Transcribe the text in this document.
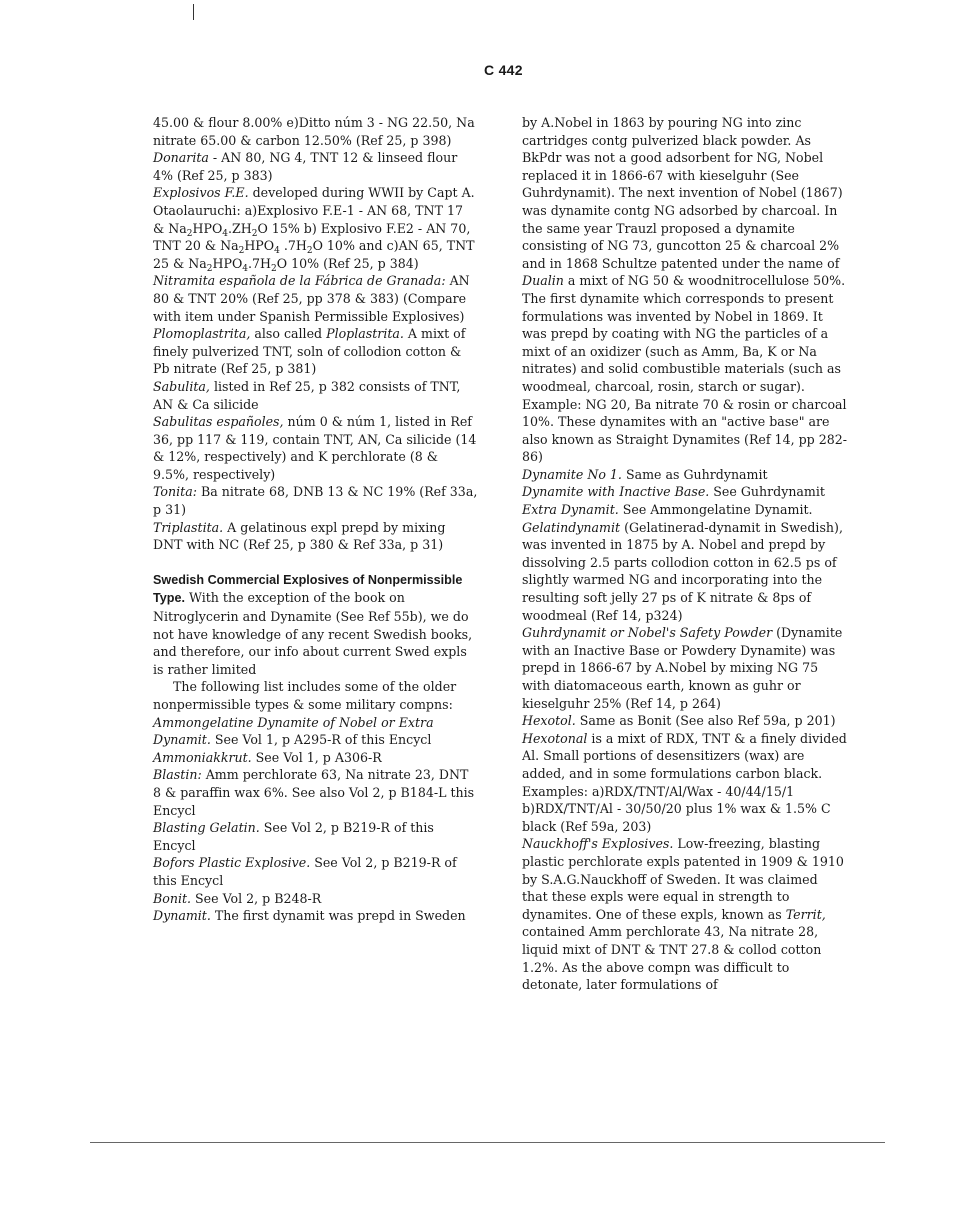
C 442

45.00 & flour 8.00% e)Ditto núm 3 - NG 22.50, Na nitrate 65.00 & carbon 12.50% (Ref 25, p 398)

Donarita - AN 80, NG 4, TNT 12 & linseed flour 4% (Ref 25, p 383)

Explosivos F.E. developed during WWII by Capt A. Otaolauruchi: a)Explosivo F.E-1 - AN 68, TNT 17 & $Na_2HPO_4.ZH_2O$ 15% b) Explosivo F.E2 - AN 70, TNT 20 & $Na_2HPO_4$ $.7H_2O$ 10% and c)AN 65, TNT 25 & $Na_2HPO_4.7H_2O$ 10% (Ref 25, p 384)

Nitramita española de la Fábrica de Granada: AN 80 & TNT 20% (Ref 25, pp 378 & 383) (Compare with item under Spanish Permissible Explosives)

Plomoplastrita, also called Ploplastrita. A mixt of finely pulverized TNT, soln of collodion cotton & Pb nitrate (Ref 25, p 381)

Sabulita, listed in Ref 25, p 382 consists of TNT, AN & Ca silicide

Sabulitas españoles, núm 0 & núm 1, listed in Ref 36, pp 117 & 119, contain TNT, AN, Ca silicide (14 & 12%, respectively) and K perchlorate (8 & 9.5%, respectively)

Tonita: Ba nitrate 68, DNB 13 & NC 19% (Ref 33a, p 31)

Triplastita. A gelatinous expl prepd by mixing DNT with NC (Ref 25, p 380 & Ref 33a, p 31)

Swedish Commercial Explosives of Nonpermissible Type. With the exception of the book on Nitroglycerin and Dynamite (See Ref 55b), we do not have knowledge of any recent Swedish books, and therefore, our info about current Swed expls is rather limited

The following list includes some of the older nonpermissible types & some military compns:

Ammongelatine Dynamite of Nobel or Extra Dynamit. See Vol 1, p A295-R of this Encycl

Ammoniakkrut. See Vol 1, p A306-R

Blastin: Amm perchlorate 63, Na nitrate 23, DNT 8 & paraffin wax 6%. See also Vol 2, p B184-L this Encycl

Blasting Gelatin. See Vol 2, p B219-R of this Encycl

Bofors Plastic Explosive. See Vol 2, p B219-R of this Encycl

Bonit. See Vol 2, p B248-R

Dynamit. The first dynamit was prepd in Sweden

by A.Nobel in 1863 by pouring NG into zinc cartridges contg pulverized black powder. As BkPdr was not a good adsorbent for NG, Nobel replaced it in 1866-67 with kieselguhr (See Guhrdynamit). The next invention of Nobel (1867) was dynamite contg NG adsorbed by charcoal. In the same year Trauzl proposed a dynamite consisting of NG 73, guncotton 25 & charcoal 2% and in 1868 Schultze patented under the name of Dualin a mixt of NG 50 & woodnitrocellulose 50%. The first dynamite which corresponds to present formulations was invented by Nobel in 1869. It was prepd by coating with NG the particles of a mixt of an oxidizer (such as Amm, Ba, K or Na nitrates) and solid combustible materials (such as woodmeal, charcoal, rosin, starch or sugar). Example: NG 20, Ba nitrate 70 & rosin or charcoal 10%. These dynamites with an "active base" are also known as Straight Dynamites (Ref 14, pp 282-86)

Dynamite No 1. Same as Guhrdynamit

Dynamite with Inactive Base. See Guhrdynamit

Extra Dynamit. See Ammongelatine Dynamit.

Gelatindynamit (Gelatinerad-dynamit in Swedish), was invented in 1875 by A. Nobel and prepd by dissolving 2.5 parts collodion cotton in 62.5 ps of slightly warmed NG and incorporating into the resulting soft jelly 27 ps of K nitrate & 8ps of woodmeal (Ref 14, p324)

Guhrdynamit or Nobel's Safety Powder (Dynamite with an Inactive Base or Powdery Dynamite) was prepd in 1866-67 by A.Nobel by mixing NG 75 with diatomaceous earth, known as guhr or kieselguhr 25% (Ref 14, p 264)

Hexotol. Same as Bonit (See also Ref 59a, p 201)

Hexotonal is a mixt of RDX, TNT & a finely divided Al. Small portions of desensitizers (wax) are added, and in some formulations carbon black. Examples: a)RDX/TNT/Al/Wax - 40/44/15/1 b)RDX/TNT/Al - 30/50/20 plus 1% wax & 1.5% C black (Ref 59a, 203)

Nauckhoff's Explosives. Low-freezing, blasting plastic perchlorate expls patented in 1909 & 1910 by S.A.G.Nauckhoff of Sweden. It was claimed that these expls were equal in strength to dynamites. One of these expls, known as Territ, contained Amm perchlorate 43, Na nitrate 28, liquid mixt of DNT & TNT 27.8 & collod cotton 1.2%. As the above compn was difficult to detonate, later formulations of
